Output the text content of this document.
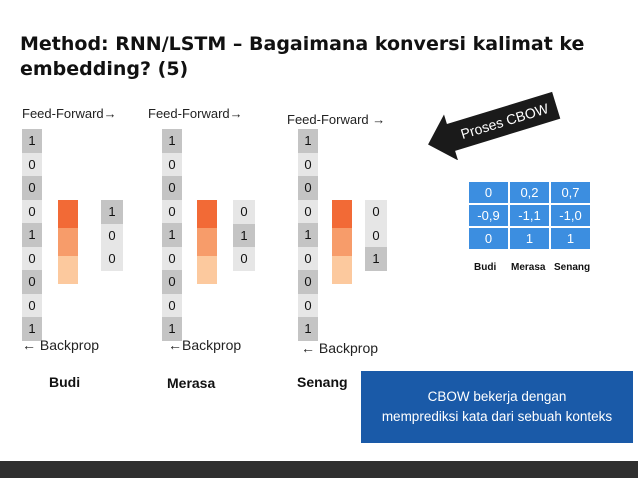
Method: RNN/LSTM – Bagaimana konversi kalimat ke embedding? (5)
Feed-Forward→ Feed-Forward→	Feed-Forward →
1
0
0
0
1
0
0
0
1
1
0
0
1
0
0
0
1
0
0
0
1
0
1
0
1
0
0
0
1
0
0
0
1
0
0
1
← Backprop	←Backprop	← Backprop
Budi	Merasa	Senang
Proses CBOW
0	0,2	0,7
-0,9	-1,1	-1,0
0	1	1
Budi Merasa Senang
CBOW bekerja dengan
memprediksi kata dari sebuah konteks
